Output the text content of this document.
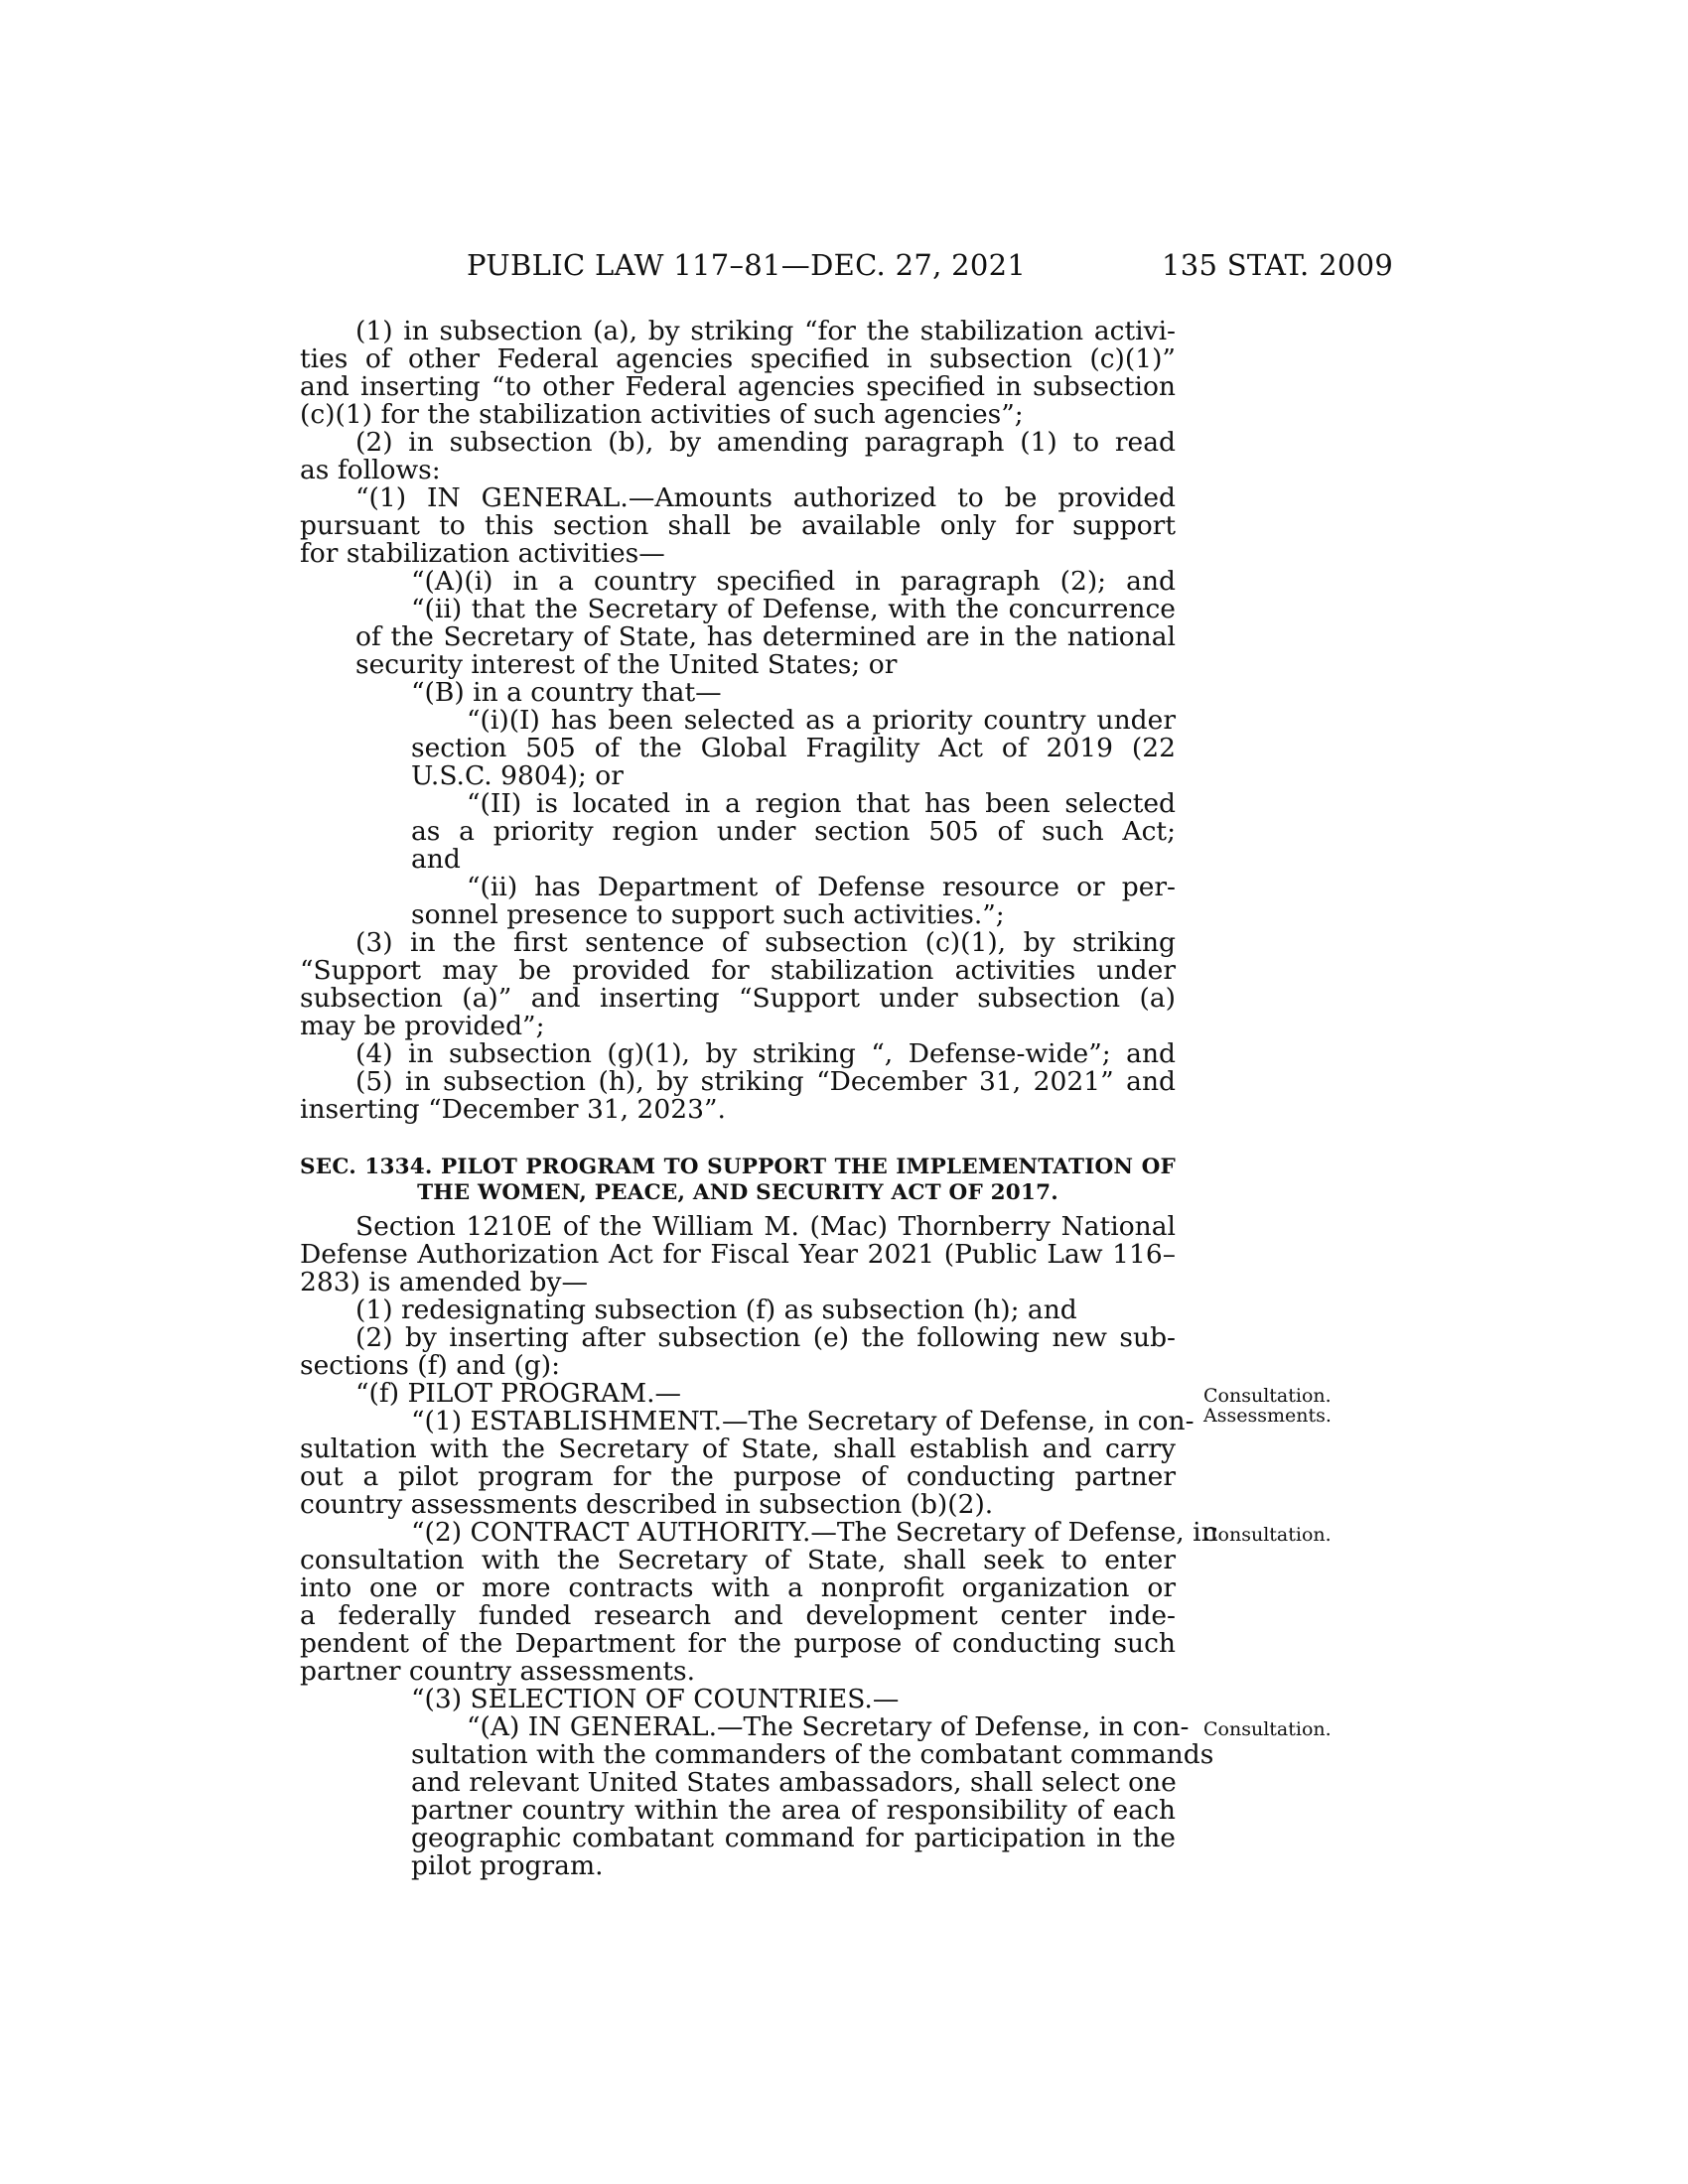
PUBLIC LAW 117–81—DEC. 27, 2021	135 STAT. 2009
(1) in subsection (a), by striking “for the stabilization activi-
ties of other Federal agencies specified in subsection (c)(1)”
and inserting “to other Federal agencies specified in subsection
(c)(1) for the stabilization activities of such agencies”;
(2) in subsection (b), by amending paragraph (1) to read
as follows:
“(1) IN GENERAL.—Amounts authorized to be provided
pursuant to this section shall be available only for support
for stabilization activities—
“(A)(i) in a country specified in paragraph (2); and
“(ii) that the Secretary of Defense, with the concurrence
of the Secretary of State, has determined are in the national
security interest of the United States; or
“(B) in a country that—
“(i)(I) has been selected as a priority country under
section 505 of the Global Fragility Act of 2019 (22
U.S.C. 9804); or
“(II) is located in a region that has been selected
as a priority region under section 505 of such Act;
and
“(ii) has Department of Defense resource or per-
sonnel presence to support such activities.”;
(3) in the first sentence of subsection (c)(1), by striking
“Support may be provided for stabilization activities under
subsection (a)” and inserting “Support under subsection (a)
may be provided”;
(4) in subsection (g)(1), by striking “, Defense-wide”; and
(5) in subsection (h), by striking “December 31, 2021” and
inserting “December 31, 2023”.
SEC. 1334. PILOT PROGRAM TO SUPPORT THE IMPLEMENTATION OF
THE WOMEN, PEACE, AND SECURITY ACT OF 2017.
Section 1210E of the William M. (Mac) Thornberry National
Defense Authorization Act for Fiscal Year 2021 (Public Law 116–
283) is amended by—
(1) redesignating subsection (f) as subsection (h); and
(2) by inserting after subsection (e) the following new sub-
sections (f) and (g):
“(f) PILOT PROGRAM.—
“(1) ESTABLISHMENT.—The Secretary of Defense, in con-
sultation with the Secretary of State, shall establish and carry
out a pilot program for the purpose of conducting partner
country assessments described in subsection (b)(2).
“(2) CONTRACT AUTHORITY.—The Secretary of Defense, in
consultation with the Secretary of State, shall seek to enter
into one or more contracts with a nonprofit organization or
a federally funded research and development center inde-
pendent of the Department for the purpose of conducting such
partner country assessments.
“(3) SELECTION OF COUNTRIES.—
“(A) IN GENERAL.—The Secretary of Defense, in con-
sultation with the commanders of the combatant commands
and relevant United States ambassadors, shall select one
partner country within the area of responsibility of each
geographic combatant command for participation in the
pilot program.
Consultation.
Assessments.
Consultation.
Consultation.
